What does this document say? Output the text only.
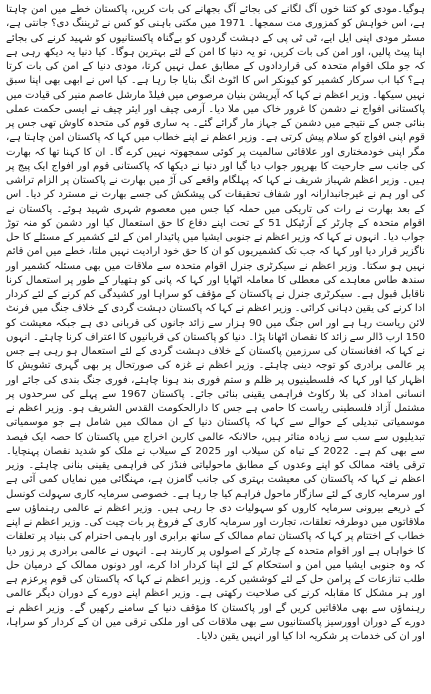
ہوگیا۔مودی کو کتنا خوں آگ لگانے کی بجائے آگ بجھانے کی بات کریں، پاکستان خطے میں امن چاہتا ہے، اس خواہش کو کمزوری مت سمجھا۔ 1971 میں مکتی باہنی کو کس نے ٹریننگ دی؟ جانتی ہے، مسٹر مودی اپنی ایل ایے، ٹی ٹی پی کے دہشت گردوں کو بےگناہ پاکستانیوں کو شہید کرنے کی بجائے اپنا پیٹ پالیں، اور امن کی بات کریں، تو یہ دنیا کا امن کے لئے بہترین ہوگا۔ کیا دنیا یہ دیکھ رہی ہے کہ جو ملک اقوام متحدہ کی قراردادوں کے مطابق عمل نہیں کرتا، مودی دنیا کے امن کی بات کرتا ہے؟ کیا اب سرکار کشمیر کو کیونکر اس کا اٹوٹ انگ بنایا جا رہا ہے۔ کیا اس نے ابھی بھی اپنا سبق نہیں سیکھا۔ وزیر اعظم نے کہا کہ آپریشن بنیان مرصوص میں فیلڈ مارشل عاصم منیر کی قیادت میں پاکستانی افواج نے دشمن کا غرور خاک میں ملا دیا۔ آرمی چیف اور ایئر چیف نے ایسی حکمت عملی بنائی جس کے نتیجے میں دشمن کے جہاز مار گرائے گئے۔ یہ ساری قوم کی متحدہ کاوش تھی جس پر قوم اپنی افواج کو سلام پیش کرتی ہے۔ وزیر اعظم نے اپنے خطاب میں کہا کہ پاکستان امن چاہتا ہے، مگر اپنی خودمختاری اور علاقائی سالمیت پر کوئی سمجھوتہ نہیں کرے گا۔ ان کا کہنا تھا کہ بھارت کی جانب سے جارحیت کا بھرپور جواب دیا گیا اور دنیا نے دیکھا کہ پاکستانی قوم اور افواج ایک پیج پر ہیں۔ وزیر اعظم شہباز شریف نے کہا کہ پہلگام واقعے کی آڑ میں بھارت نے پاکستان پر الزام تراشی کی اور ہم نے غیرجانبدارانہ اور شفاف تحقیقات کی پیشکش کی جسے بھارت نے مسترد کر دیا۔ اس کے بعد بھارت نے رات کی تاریکی میں حملہ کیا جس میں معصوم شہری شہید ہوئے۔ پاکستان نے اقوام متحدہ کے چارٹر کے آرٹیکل 51 کے تحت اپنے دفاع کا حق استعمال کیا اور دشمن کو منہ توڑ جواب دیا۔ انہوں نے کہا کہ وزیر اعظم نے جنوبی ایشیا میں پائیدار امن کے لئے کشمیر کے مسئلے کا حل ناگزیر قرار دیا اور کہا کہ جب تک کشمیریوں کو ان کا حق خود ارادیت نہیں ملتا، خطے میں امن قائم نہیں ہو سکتا۔ وزیر اعظم نے سیکرٹری جنرل اقوام متحدہ سے ملاقات میں بھی مسئلہ کشمیر اور سندھ طاس معاہدے کی معطلی کا معاملہ اٹھایا اور کہا کہ پانی کو ہتھیار کے طور پر استعمال کرنا ناقابل قبول ہے۔ سیکرٹری جنرل نے پاکستان کے مؤقف کو سراہا اور کشیدگی کم کرنے کے لئے کردار ادا کرنے کی یقین دہانی کرائی۔ وزیر اعظم نے کہا کہ پاکستان دہشت گردی کے خلاف جنگ میں فرنٹ لائن ریاست رہا ہے اور اس جنگ میں 90 ہزار سے زائد جانوں کی قربانی دی ہے جبکہ معیشت کو 150 ارب ڈالر سے زائد کا نقصان اٹھانا پڑا۔ دنیا کو پاکستان کی قربانیوں کا اعتراف کرنا چاہئے۔ انہوں نے کہا کہ افغانستان کی سرزمین پاکستان کے خلاف دہشت گردی کے لئے استعمال ہو رہی ہے جس پر عالمی برادری کو توجہ دینی چاہئے۔ وزیر اعظم نے غزہ کی صورتحال پر بھی گہری تشویش کا اظہار کیا اور کہا کہ فلسطینیوں پر ظلم و ستم فوری بند ہونا چاہئے، فوری جنگ بندی کی جائے اور انسانی امداد کی بلا رکاوٹ فراہمی یقینی بنائی جائے۔ پاکستان 1967 سے پہلے کی سرحدوں پر مشتمل آزاد فلسطینی ریاست کا حامی ہے جس کا دارالحکومت القدس الشریف ہو۔ وزیر اعظم نے موسمیاتی تبدیلی کے حوالے سے کہا کہ پاکستان دنیا کے ان ممالک میں شامل ہے جو موسمیاتی تبدیلیوں سے سب سے زیادہ متاثر ہیں، حالانکہ عالمی کاربن اخراج میں پاکستان کا حصہ ایک فیصد سے بھی کم ہے۔ 2022 کے تباہ کن سیلاب اور 2025 کے سیلاب نے ملک کو شدید نقصان پہنچایا۔ ترقی یافتہ ممالک کو اپنے وعدوں کے مطابق ماحولیاتی فنڈز کی فراہمی یقینی بنانی چاہئے۔ وزیر اعظم نے کہا کہ پاکستان کی معیشت بہتری کی جانب گامزن ہے، مہنگائی میں نمایاں کمی آئی ہے اور سرمایہ کاری کے لئے سازگار ماحول فراہم کیا جا رہا ہے۔ خصوصی سرمایہ کاری سہولت کونسل کے ذریعے بیرونی سرمایہ کاروں کو سہولیات دی جا رہی ہیں۔ وزیر اعظم نے عالمی رہنماؤں سے ملاقاتوں میں دوطرفہ تعلقات، تجارت اور سرمایہ کاری کے فروغ پر بات چیت کی۔ وزیر اعظم نے اپنے خطاب کے اختتام پر کہا کہ پاکستان تمام ممالک کے ساتھ برابری اور باہمی احترام کی بنیاد پر تعلقات کا خواہاں ہے اور اقوام متحدہ کے چارٹر کے اصولوں پر کاربند ہے۔ انہوں نے عالمی برادری پر زور دیا کہ وہ جنوبی ایشیا میں امن و استحکام کے لئے اپنا کردار ادا کرے، اور دونوں ممالک کے درمیان حل طلب تنازعات کے پرامن حل کے لئے کوششیں کرے۔ وزیر اعظم نے کہا کہ پاکستان کی قوم پرعزم ہے اور ہر مشکل کا مقابلہ کرنے کی صلاحیت رکھتی ہے۔ وزیر اعظم اپنے دورے کے دوران دیگر عالمی رہنماؤں سے بھی ملاقاتیں کریں گے اور پاکستان کا مؤقف دنیا کے سامنے رکھیں گے۔ وزیر اعظم نے دورے کے دوران اوورسیز پاکستانیوں سے بھی ملاقات کی اور ملکی ترقی میں ان کے کردار کو سراہا، اور ان کی خدمات پر شکریہ ادا کیا اور انہیں یقین دلایا۔
